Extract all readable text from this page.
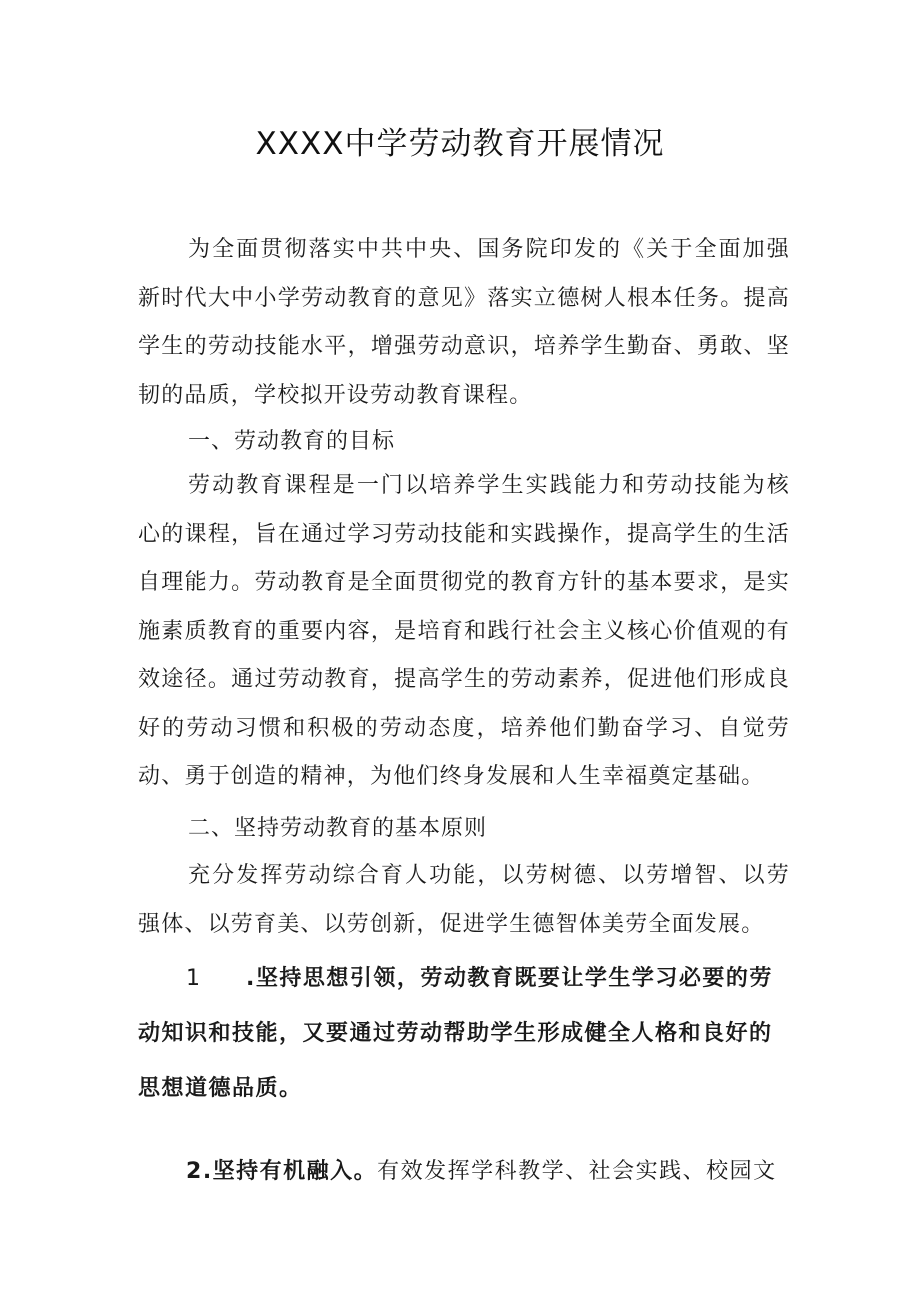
XXXX中学劳动教育开展情况

为全面贯彻落实中共中央、国务院印发的《关于全面加强新时代大中小学劳动教育的意见》落实立德树人根本任务。提高学生的劳动技能水平，增强劳动意识，培养学生勤奋、勇敢、坚韧的品质，学校拟开设劳动教育课程。

一、劳动教育的目标

劳动教育课程是一门以培养学生实践能力和劳动技能为核心的课程，旨在通过学习劳动技能和实践操作，提高学生的生活自理能力。劳动教育是全面贯彻党的教育方针的基本要求，是实施素质教育的重要内容，是培育和践行社会主义核心价值观的有效途径。通过劳动教育，提高学生的劳动素养，促进他们形成良好的劳动习惯和积极的劳动态度，培养他们勤奋学习、自觉劳动、勇于创造的精神，为他们终身发展和人生幸福奠定基础。

二、坚持劳动教育的基本原则

充分发挥劳动综合育人功能，以劳树德、以劳增智、以劳强体、以劳育美、以劳创新，促进学生德智体美劳全面发展。

1 .坚持思想引领，劳动教育既要让学生学习必要的劳动知识和技能，又要通过劳动帮助学生形成健全人格和良好的思想道德品质。

2.坚持有机融入。有效发挥学科教学、社会实践、校园文
